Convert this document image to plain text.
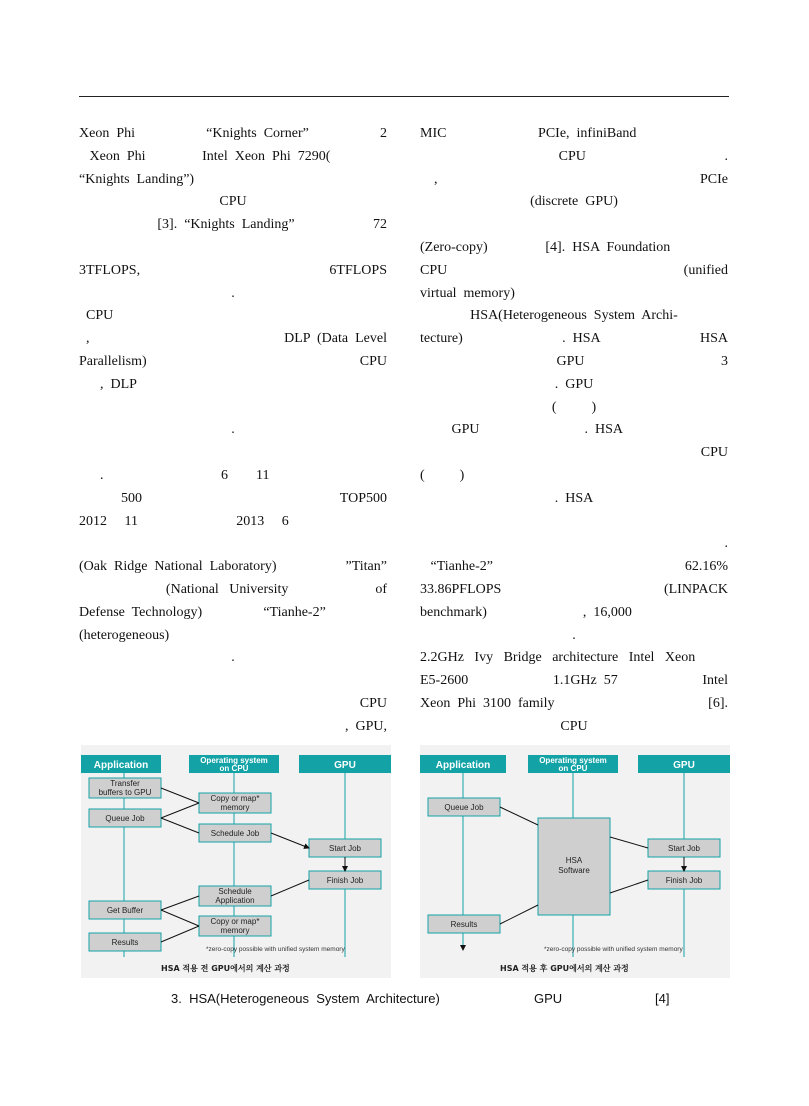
Xeon  Phi	“Knights  Corner”	2
Xeon  Phi	Intel  Xeon  Phi  7290(
“Knights  Landing”)
CPU
[3].  “Knights  Landing”	72
3TFLOPS,	6TFLOPS
.
CPU
,	DLP  (Data  Level
Parallelism)	CPU
,  DLP
.
.	6        11
500	TOP500
2012     11	2013     6
(Oak  Ridge  National  Laboratory)	”Titan”
(National   University	of
Defense  Technology)	“Tianhe-2”
(heterogeneous)
.
CPU
,  GPU,
MIC	PCIe,  infiniBand
CPU	.
,	PCIe
(discrete  GPU)
(Zero-copy)	[4].  HSA  Foundation
CPU	(unified
virtual  memory)
HSA(Heterogeneous  System  Archi-
tecture)	.  HSA	HSA
GPU	3
.  GPU
(          )
GPU	.  HSA
CPU
(          )
.  HSA
.
“Tianhe-2”	62.16%
33.86PFLOPS	(LINPACK
benchmark)	,  16,000
.
2.2GHz   Ivy   Bridge   architecture   Intel   Xeon
E5-2600	1.1GHz  57	Intel
Xeon  Phi  3100  family	[6].
CPU
Application	Operating system
on CPU	GPU
Transfer
buffers to GPU
Queue Job
Copy or map*
memory
Schedule Job
Start Job
Finish Job
Schedule
Application
Get Buffer
Copy or map*
memory
Results
*zero-copy possible with unified system memory
HSA 적용 전 GPU에서의 계산 과정
Application	Operating system
on CPU	GPU
Queue Job
HSA
Software
Start Job
Finish Job
Results
*zero-copy possible with unified system memory
HSA 적용 후 GPU에서의 계산 과정
3.  HSA(Heterogeneous  System  Architecture)	GPU	[4]
